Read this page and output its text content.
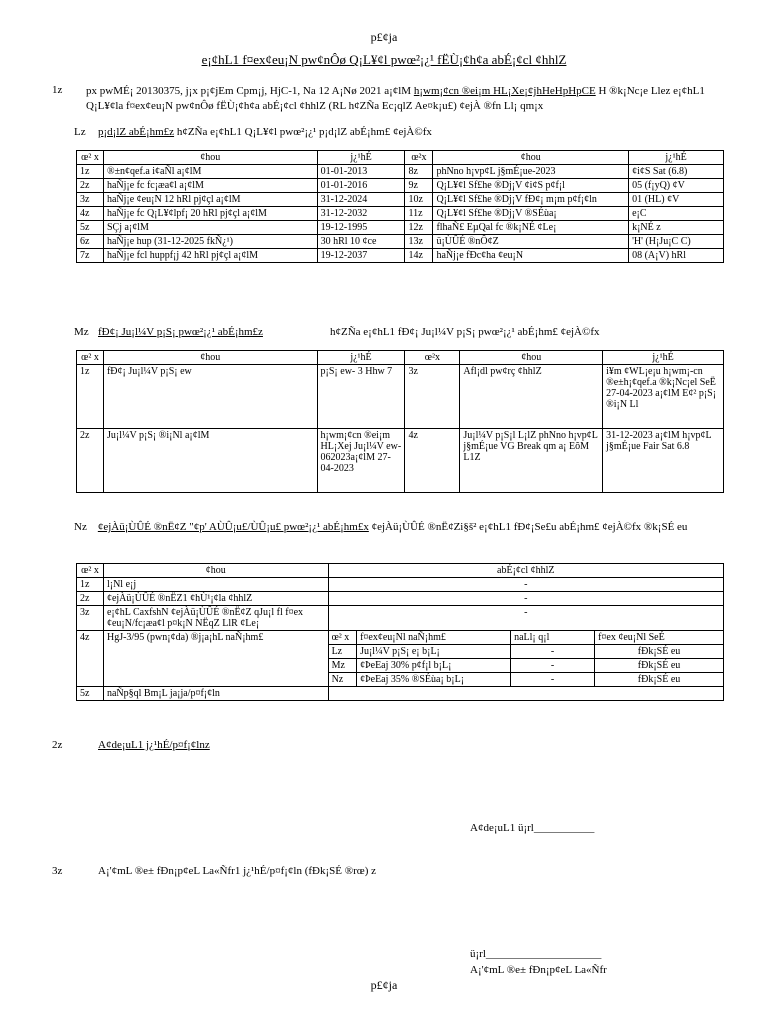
p£¢ja
e¡¢hL1 f¤ex¢eu¡N pw¢nÔø Q¡L¥¢l pwœ²¡¿¹ fËÙ¡¢h¢a abÉ¡¢cl ¢hhlZ
1z px pwMÉ¡ 20130375, j¡x p¡¢jEm Cpm¡j, HjC-1, Na 12 A¡Nø 2021 a¡¢lM h¡wm¡¢cn ®ei¡m HL¡Xe¡¢jhHeHpHpCE H ®k¡Nc¡e Llez e¡¢hL1 Q¡L¥¢la f¤ex¢eu¡N pw¢nÔø fËÙ¡¢h¢a abÉ¡¢cl ¢hhlZ (RL h¢ZÑa Ec¡qlZ Ae¤k¡u£) ¢ejÀ ®fn Ll¡ qm¡x
Lz p¡d¡lZ abÉ¡hm£z h¢ZÑa e¡¢hL1 Q¡L¥¢l pwœ²¡¿¹ p¡d¡lZ abÉ¡hm£ ¢ejÀ©fx
œ² x	¢hou	j¿¹hÉ	œ²x	¢hou	j¿¹hÉ
1z	®±n¢qef.a i¢aÑl a¡¢lM	01-01-2013	8z	phNno h¡vp¢L j§mÉ¡ue-2023	¢i¢S Sat (6.8)
2z	haÑj¡e fc fc¡æa¢l a¡¢lM	01-01-2016	9z	Q¡L¥¢l Sf£he ®Dj¡V ¢i¢S p¢f¡l	05 (f¡yQ) ¢V
3z	haÑj¡e ¢eu¡N 12 hRl pj¢çl a¡¢lM	31-12-2024	10z	Q¡L¥¢l Sf£he ®Dj¡V fÐ¢¡ m¡m p¢f¡¢ln	01 (HL) ¢V
4z	haÑj¡e fc Q¡L¥¢lpf¡ 20 hRl pj¢çl a¡¢lM	31-12-2032	11z	Q¡L¥¢l Sf£he ®Dj¡V ®SÉùa¡	e¡C
5z	SÇj a¡¢lM	19-12-1995	12z	flhaÑ£ EµQal fc ®k¡NÉ ¢Le¡	k¡NÉ z
6z	haÑj¡e hup (31-12-2025 fkÑ¿¹)	30 hRl 10 ¢ce	13z	ü¡ÙÛÉ ®nÔ¢Z	'H' (H¡Ju¡C C)
7z	haÑj¡e fcl huppf¡j 42 hRl pj¢çl a¡¢lM	19-12-2037	14z	haÑj¡e fÐc¢ha ¢eu¡N	08 (A¡V) hRl
Mz fÐ¢¡ Ju¡l¼V p¡S¡ pwœ²¡¿¹ abÉ¡hm£z	h¢ZÑa e¡¢hL1 fÐ¢¡ Ju¡l¼V p¡S¡ pwœ²¡¿¹ abÉ¡hm£ ¢ejÀ©fx
œ² x	¢hou	j¿¹hÉ	œ²x	¢hou	j¿¹hÉ
1z	fÐ¢¡ Ju¡l¼V p¡S¡ ew	p¡S¡ ew- 3 Hhw 7	3z	Afl¡dl pw¢rç ¢hhlZ	i¥m ¢WL¡e¡u h¡wm¡-cn ®e±h¡¢qef.a ®k¡Nc¡el SeË 27-04-2023 a¡¢lM E¢² p¡S¡ ®i¡N Ll
2z	Ju¡l¼V p¡S¡ ®i¡Nl a¡¢lM	h¡wm¡¢cn ®ei¡m HL¡Xej Ju¡l¼V ew-062023a¡¢lM 27-04-2023	4z	Ju¡l¼V p¡S¡l L¡lZ phNno h¡vp¢L j§mÉ¡ue VG Break qm a¡ EõM L1Z	31-12-2023 a¡¢lM h¡vp¢L j§mÉ¡ue Fair Sat 6.8
Nz ¢ejÀü¡ÙÛÉ ®nË¢Z "¢p' AÙÛ¡u£/ÙÛ¡u£ pwœ²¡¿¹ abÉ¡hm£x ¢ejÀü¡ÙÛÉ ®nË¢Zi§š² e¡¢hL1 fÐ¢¡Se£u abÉ¡hm£ ¢ejÀ©fx ®k¡SÉ eu
œ² x	¢hou	abÉ¡¢cl ¢hhlZ
1z	l¡Nl e¡j	-
2z	¢ejÀü¡ÙÛÉ ®nËZ1 ¢hÙ¹¡¢la ¢hhlZ	-
3z	e¡¢hL CaxfshN ¢ejÀü¡ÙÛÉ ®nË¢Z qJu¡l fl f¤ex ¢eu¡N/fc¡æa¢l p¤k¡N NËqZ LlR ¢Le¡	-
4z	HgJ-3/95 (pwn¡¢da) ®j¡a¡hL naÑ¡hm£		œ² x	f¤ex¢eu¡Nl naÑ¡hm£	naLl¡ q¡l	f¤ex ¢eu¡Nl SeÉ
Lz	Ju¡l¼V p¡S¡ e¡ b¡L¡	-	fÐk¡SÉ eu
Mz	¢ÞeEaj 30% p¢f¡l b¡L¡	-	fÐk¡SÉ eu
Nz	¢ÞeEaj 35% ®SÉùa¡ b¡L¡	-	fÐk¡SÉ eu

5z	naÑp§ql Bm¡L ja¡ja/p¤f¡¢ln	
2z	A¢de¡uL1 j¿¹hÉ/p¤f¡¢lnz
A¢de¡uL1 ü¡rl___________
3z	A¡'¢mL ®e± fÐn¡p¢eL La«Ñfr1 j¿¹hÉ/p¤f¡¢ln (fÐk¡SÉ ®rœ) z
ü¡rl_____________________
A¡'¢mL ®e± fÐn¡p¢eL La«Ñfr
p£¢ja
